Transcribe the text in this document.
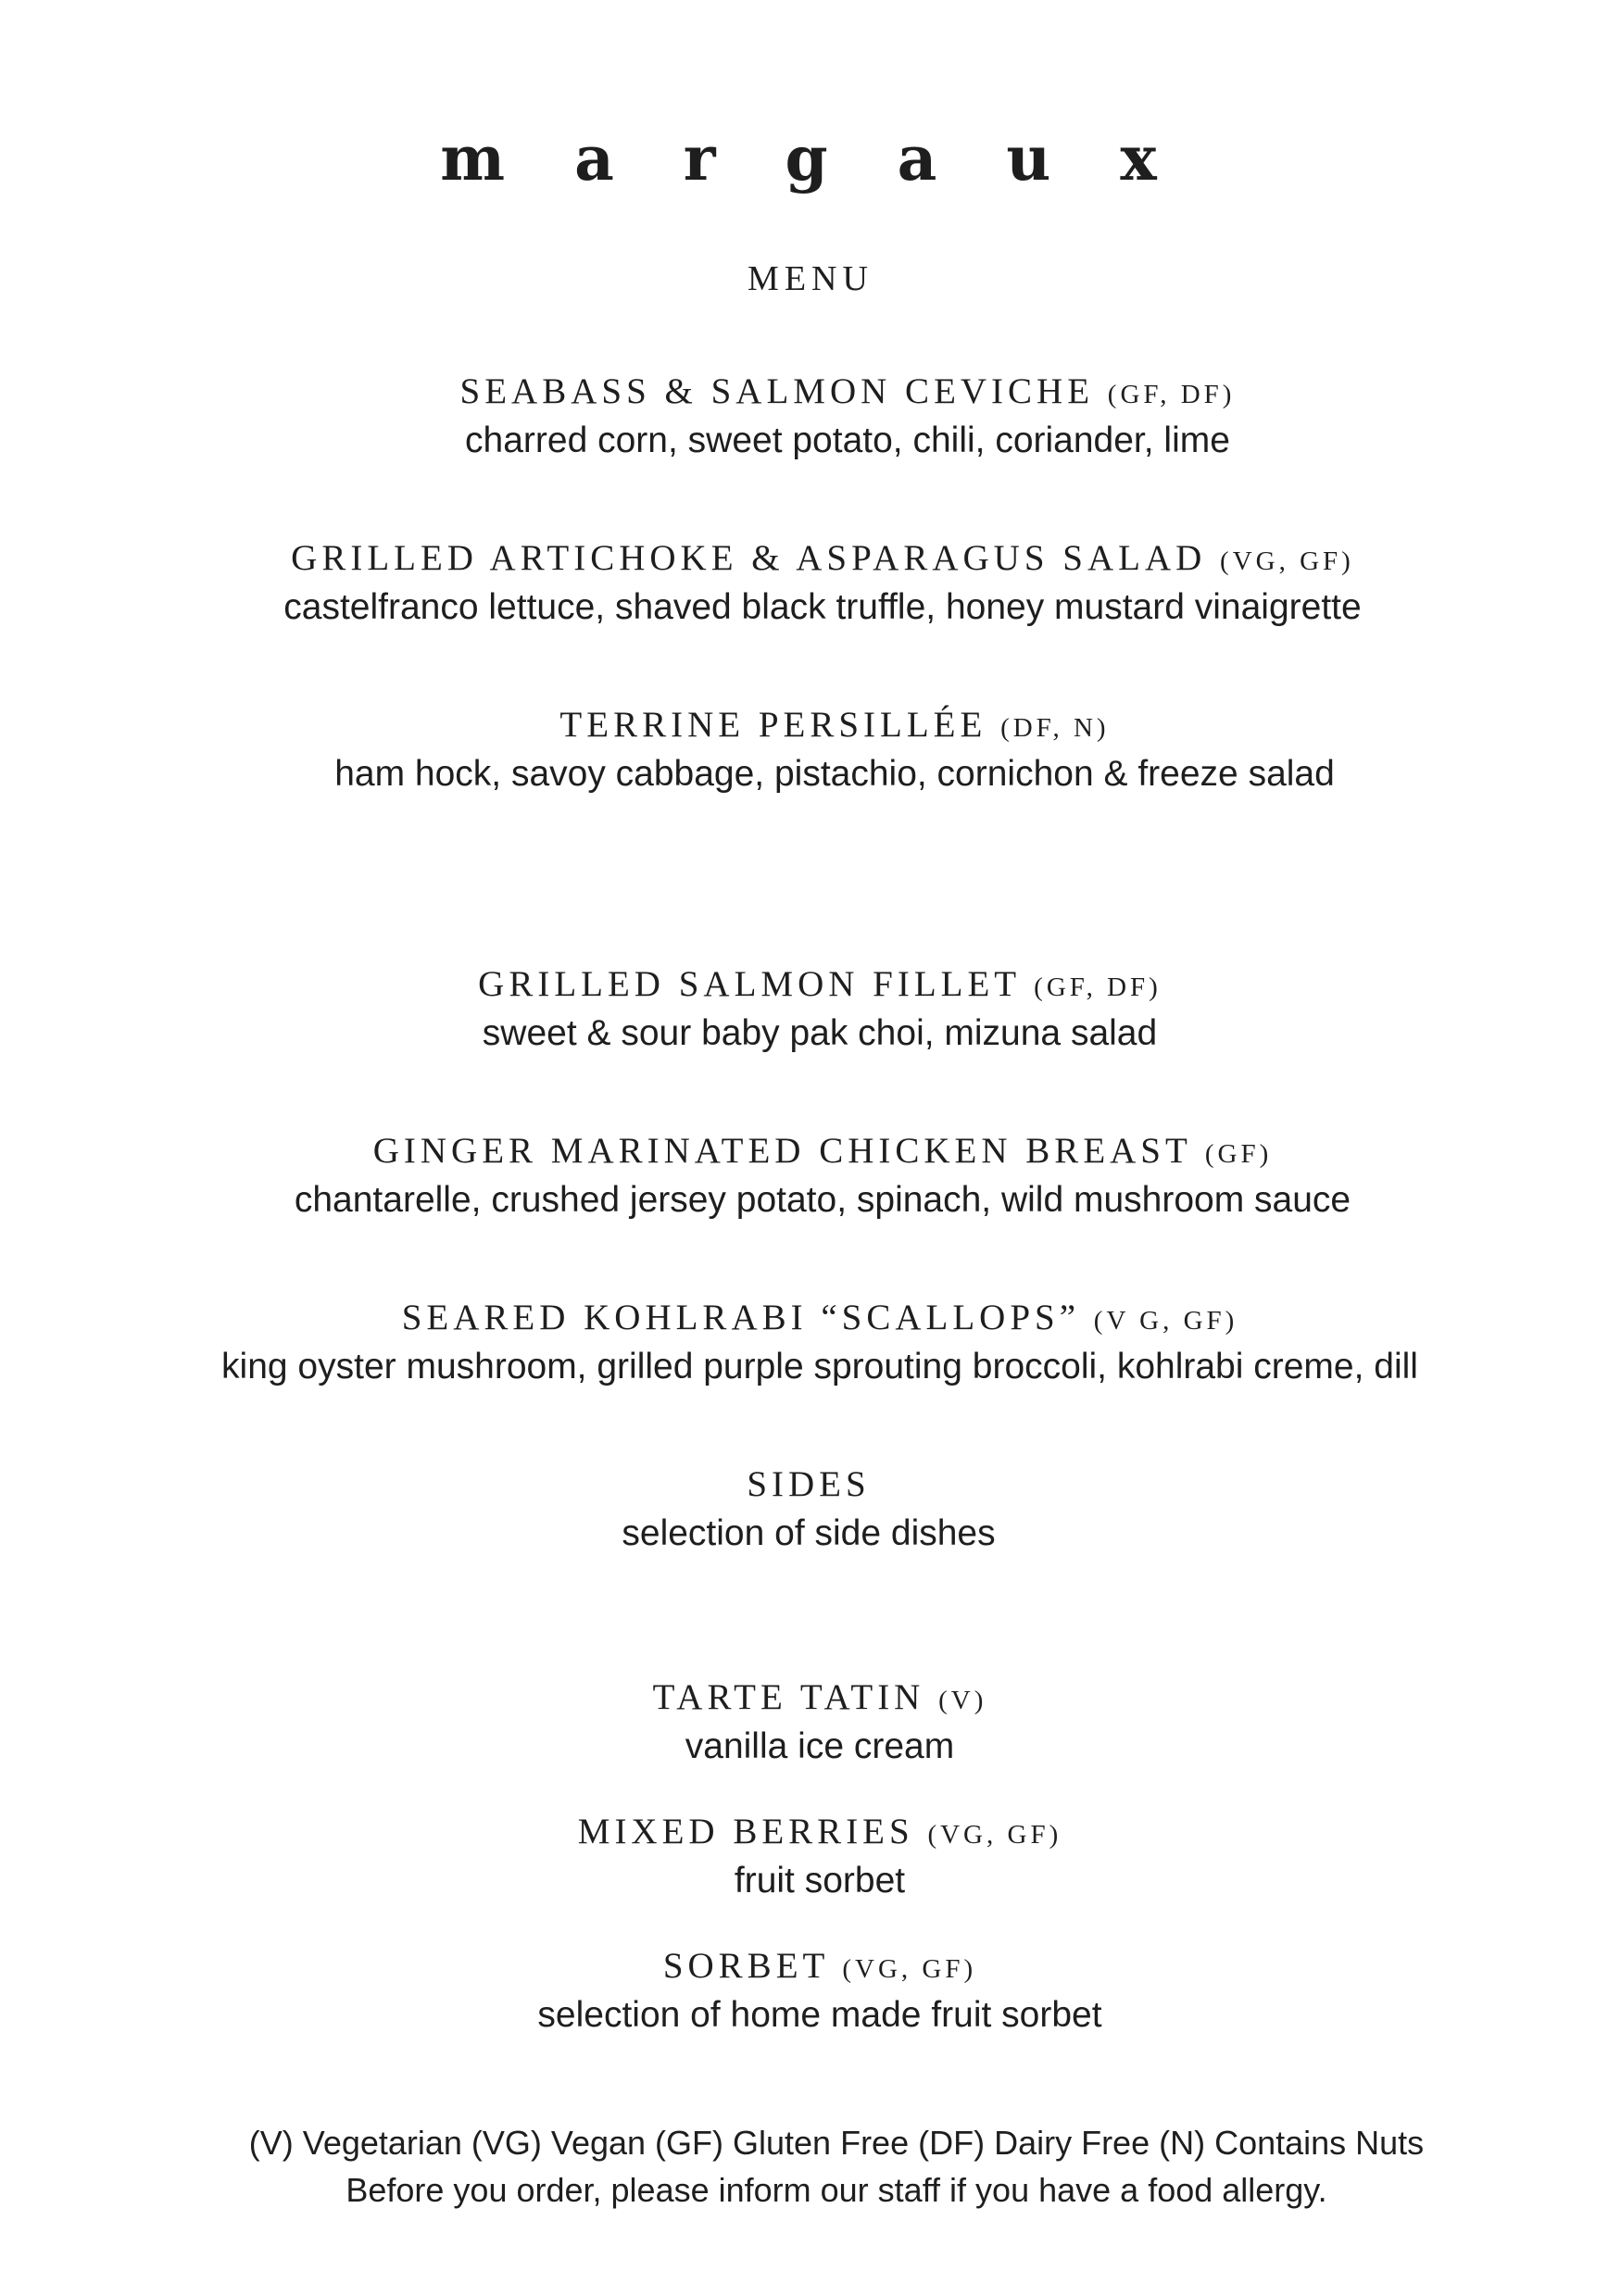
m a r g a u x
MENU
SEABASS & SALMON CEVICHE (GF, DF)
charred corn, sweet potato, chili, coriander, lime
GRILLED ARTICHOKE & ASPARAGUS SALAD (VG, GF)
castelfranco lettuce, shaved black truffle, honey mustard vinaigrette
TERRINE PERSILLÉE (DF, N)
ham hock, savoy cabbage, pistachio, cornichon & freeze salad
GRILLED SALMON FILLET (GF, DF)
sweet & sour baby pak choi, mizuna salad
GINGER MARINATED CHICKEN BREAST (GF)
chantarelle, crushed jersey potato, spinach, wild mushroom sauce
SEARED KOHLRABI “SCALLOPS” (V G, GF)
king oyster mushroom, grilled purple sprouting broccoli, kohlrabi creme, dill
SIDES
selection of side dishes
TARTE TATIN (V)
vanilla ice cream
MIXED BERRIES (VG, GF)
fruit sorbet
SORBET (VG, GF)
selection of home made fruit sorbet
(V) Vegetarian (VG) Vegan (GF) Gluten Free (DF) Dairy Free (N) Contains Nuts
Before you order, please inform our staff if you have a food allergy.
